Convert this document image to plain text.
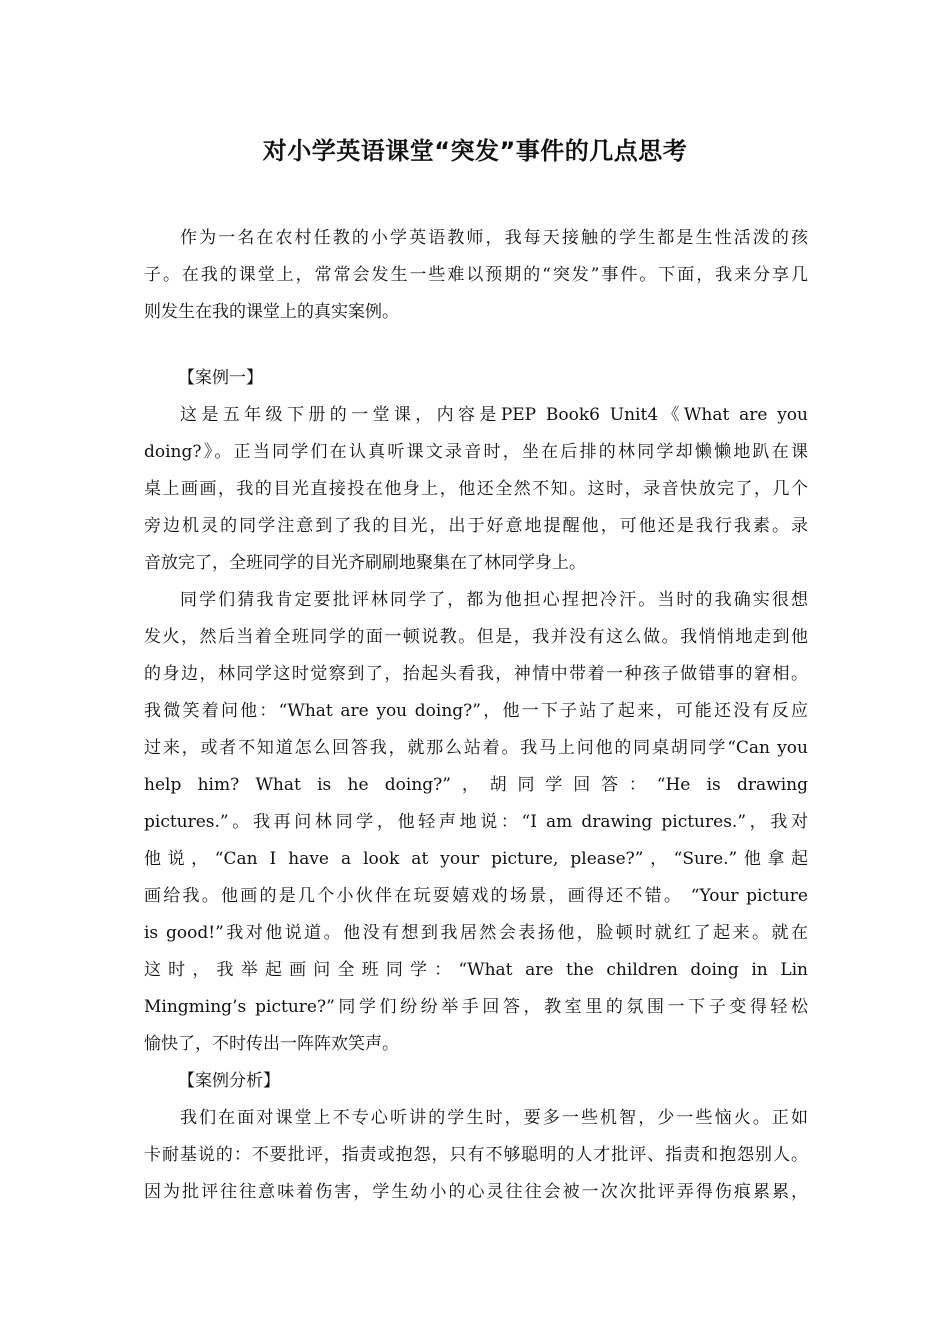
对小学英语课堂“突发”事件的几点思考
作为一名在农村任教的小学英语教师，我每天接触的学生都是生性活泼的孩
子。在我的课堂上，常常会发生一些难以预期的“突发”事件。下面，我来分享几
则发生在我的课堂上的真实案例。
【案例一】
这是五年级下册的一堂课，内容是PEP Book6 Unit4《What are you
doing?》。正当同学们在认真听课文录音时，坐在后排的林同学却懒懒地趴在课
桌上画画，我的目光直接投在他身上，他还全然不知。这时，录音快放完了，几个
旁边机灵的同学注意到了我的目光，出于好意地提醒他，可他还是我行我素。录
音放完了，全班同学的目光齐刷刷地聚集在了林同学身上。
同学们猜我肯定要批评林同学了，都为他担心捏把冷汗。当时的我确实很想
发火，然后当着全班同学的面一顿说教。但是，我并没有这么做。我悄悄地走到他
的身边，林同学这时觉察到了，抬起头看我，神情中带着一种孩子做错事的窘相。
我微笑着问他：“What are you doing?”，他一下子站了起来，可能还没有反应
过来，或者不知道怎么回答我，就那么站着。我马上问他的同桌胡同学“Can you
help him? What is he doing?”，胡同学回答：“He is drawing
pictures.”。我再问林同学，他轻声地说：“I am drawing pictures.”，我对
他说，“Can I have a look at your picture, please?”，“Sure.”他拿起
画给我。他画的是几个小伙伴在玩耍嬉戏的场景，画得还不错。 “Your picture
is good!”我对他说道。他没有想到我居然会表扬他，脸顿时就红了起来。就在
这时，我举起画问全班同学：“What are the children doing in Lin
Mingming’s picture?”同学们纷纷举手回答，教室里的氛围一下子变得轻松
愉快了，不时传出一阵阵欢笑声。
【案例分析】
我们在面对课堂上不专心听讲的学生时，要多一些机智，少一些恼火。正如
卡耐基说的：不要批评，指责或抱怨，只有不够聪明的人才批评、指责和抱怨别人。
因为批评往往意味着伤害，学生幼小的心灵往往会被一次次批评弄得伤痕累累，
